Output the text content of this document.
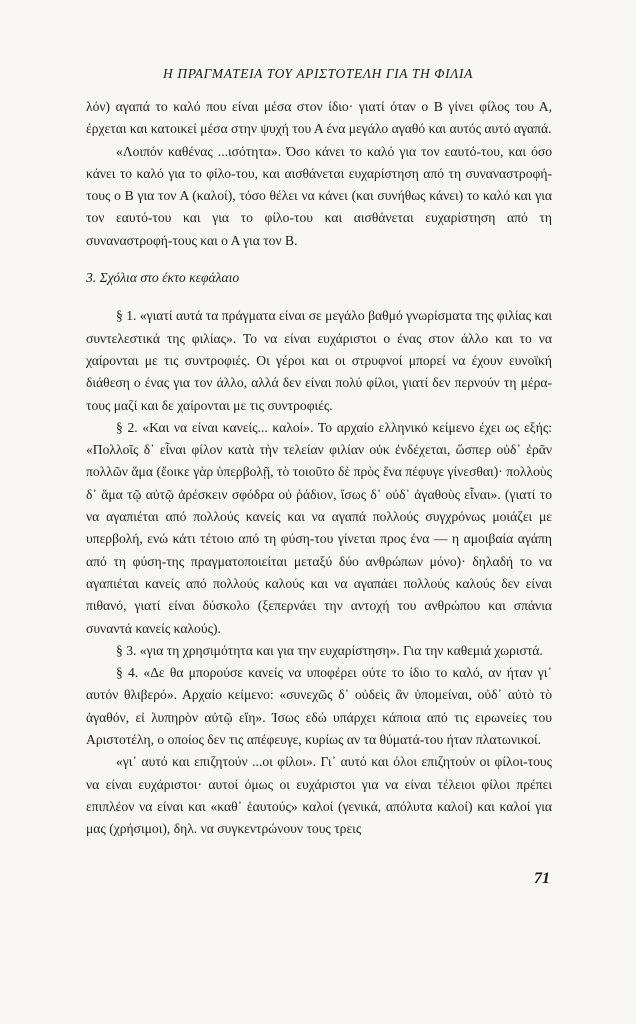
Η ΠΡΑΓΜΑΤΕΙΑ ΤΟΥ ΑΡΙΣΤΟΤΕΛΗ ΓΙΑ ΤΗ ΦΙΛΙΑ

λόν) αγαπά το καλό που είναι μέσα στον ίδιο· γιατί όταν ο Β γίνει φίλος του Α, έρχεται και κατοικεί μέσα στην ψυχή του Α ένα μεγάλο αγαθό και αυτός αυτό αγαπά.

«Λοιπόν καθένας ...ισότητα». Όσο κάνει το καλό για τον εαυτό-του, και όσο κάνει το καλό για το φίλο-του, και αισθάνεται ευχαρίστηση από τη συναναστροφή-τους ο Β για τον Α (καλοί), τόσο θέλει να κάνει (και συνήθως κάνει) το καλό και για τον εαυτό-του και για το φίλο-του και αισθάνεται ευχαρίστηση από τη συναναστροφή-τους και ο Α για τον Β.

3. Σχόλια στο έκτο κεφάλαιο

§ 1. «γιατί αυτά τα πράγματα είναι σε μεγάλο βαθμό γνωρίσματα της φιλίας και συντελεστικά της φιλίας». Το να είναι ευχάριστοι ο ένας στον άλλο και το να χαίρονται με τις συντροφιές. Οι γέροι και οι στρυφνοί μπορεί να έχουν ευνοϊκή διάθεση ο ένας για τον άλλο, αλλά δεν είναι πολύ φίλοι, γιατί δεν περνούν τη μέρα-τους μαζί και δε χαίρονται με τις συντροφιές.

§ 2. «Και να είναι κανείς... καλοί». Το αρχαίο ελληνικό κείμενο έχει ως εξής: «Πολλοῖς δ᾽ εἶναι φίλον κατὰ τὴν τελείαν φιλίαν οὐκ ἐνδέχεται, ὥσπερ οὐδ᾽ ἐρᾶν πολλῶν ἅμα (ἔοικε γὰρ ὑπερβολῇ, τὸ τοιοῦτο δὲ πρὸς ἕνα πέφυγε γίνεσθαι)· πολλοὺς δ᾽ ἅμα τῷ αὐτῷ ἀρέσκειν σφόδρα οὐ ῥάδιον, ἴσως δ᾽ οὐδ᾽ ἀγαθοὺς εἶναι». (γιατί το να αγαπιέται από πολλούς κανείς και να αγαπά πολλούς συγχρόνως μοιάζει με υπερβολή, ενώ κάτι τέτοιο από τη φύση-του γίνεται προς ένα — η αμοιβαία αγάπη από τη φύση-της πραγματοποιείται μεταξύ δύο ανθρώπων μόνο)· δηλαδή το να αγαπιέται κανείς από πολλούς καλούς και να αγαπάει πολλούς καλούς δεν είναι πιθανό, γιατί είναι δύσκολο (ξεπερνάει την αντοχή του ανθρώπου και σπάνια συναντά κανείς καλούς).

§ 3. «για τη χρησιμότητα και για την ευχαρίστηση». Για την καθεμιά χωριστά.

§ 4. «Δε θα μπορούσε κανείς να υποφέρει ούτε το ίδιο το καλό, αν ήταν γι᾽ αυτόν θλιβερό». Αρχαίο κείμενο: «συνεχῶς δ᾽ οὐδεὶς ἂν ὑπομείναι, οὐδ᾽ αὐτὸ τὸ ἀγαθόν, εἰ λυπηρὸν αὐτῷ εἴη». Ίσως εδώ υπάρχει κάποια από τις ειρωνείες του Αριστοτέλη, ο οποίος δεν τις απέφευγε, κυρίως αν τα θύματά-του ήταν πλατωνικοί.

«γι᾽ αυτό και επιζητούν ...οι φίλοι». Γι᾽ αυτό και όλοι επιζητούν οι φίλοι-τους να είναι ευχάριστοι· αυτοί όμως οι ευχάριστοι για να είναι τέλειοι φίλοι πρέπει επιπλέον να είναι και «καθ᾽ ἑαυτούς» καλοί (γενικά, απόλυτα καλοί) και καλοί για μας (χρήσιμοι), δηλ. να συγκεντρώνουν τους τρεις

71
